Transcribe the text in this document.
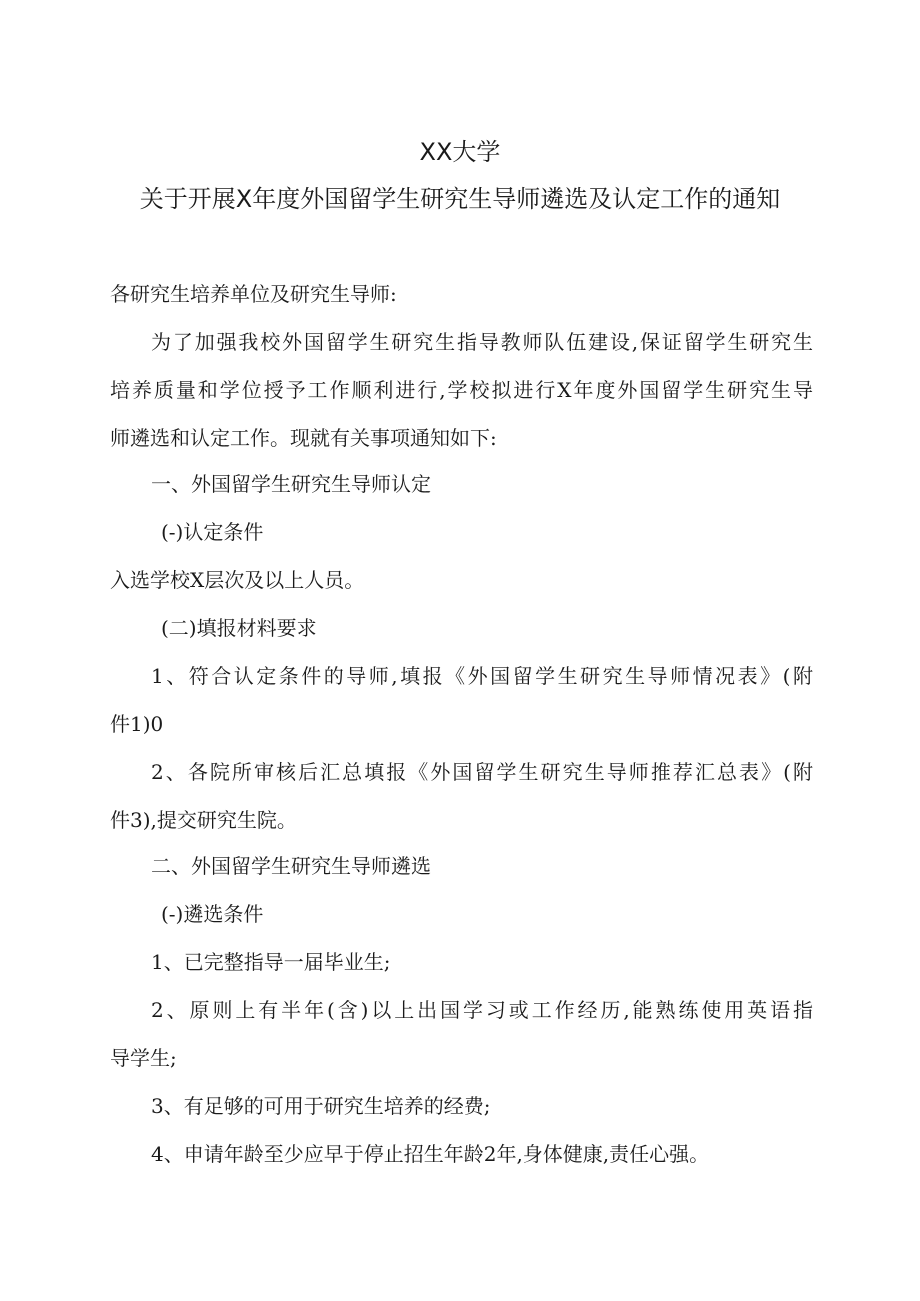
XX大学
关于开展X年度外国留学生研究生导师遴选及认定工作的通知
各研究生培养单位及研究生导师:
为了加强我校外国留学生研究生指导教师队伍建设,保证留学生研究生
培养质量和学位授予工作顺利进行,学校拟进行X年度外国留学生研究生导
师遴选和认定工作。现就有关事项通知如下:
一、外国留学生研究生导师认定
(-)认定条件
入选学校X层次及以上人员。
(二)填报材料要求
1、符合认定条件的导师,填报《外国留学生研究生导师情况表》(附
件1)0
2、各院所审核后汇总填报《外国留学生研究生导师推荐汇总表》(附
件3),提交研究生院。
二、外国留学生研究生导师遴选
(-)遴选条件
1、已完整指导一届毕业生;
2、原则上有半年(含)以上出国学习或工作经历,能熟练使用英语指
导学生;
3、有足够的可用于研究生培养的经费;
4、申请年龄至少应早于停止招生年龄2年,身体健康,责任心强。
